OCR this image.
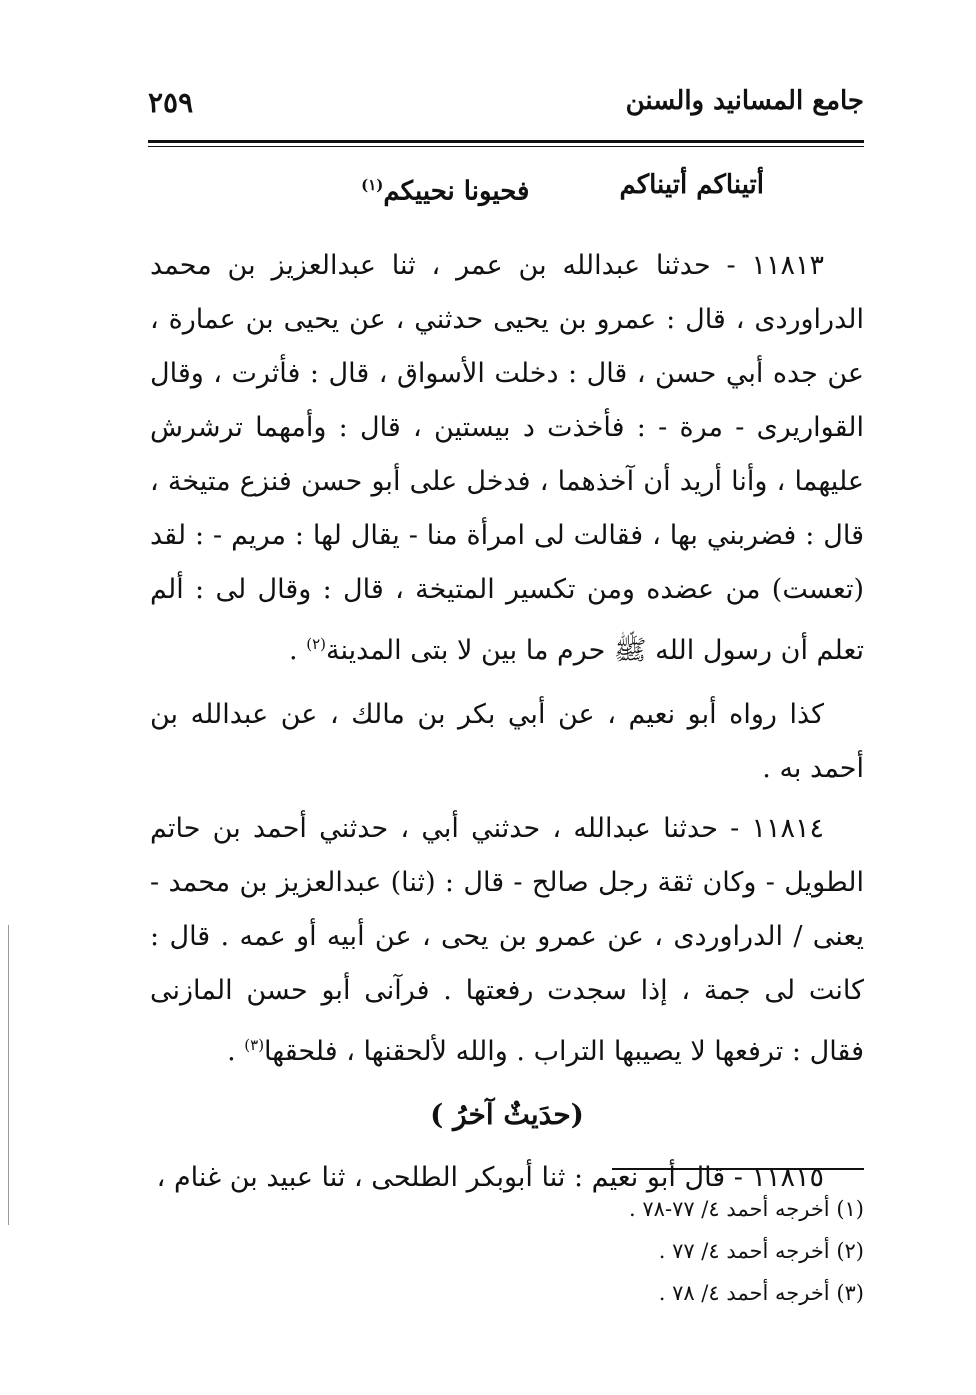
جامع المسانيد والسنن
٢٥٩
أتيناكم أتيناكم
فحيونا نحييكم$^{(١)}$

١١٨١٣ - حدثنا عبدالله بن عمر ، ثنا عبدالعزيز بن محمد الدراوردى ، قال : عمرو بن يحيى حدثني ، عن يحيى بن عمارة ، عن جده أبي حسن ، قال : دخلت الأسواق ، قال : فأثرت ، وقال القواريرى - مرة - : فأخذت د بيستين ، قال : وأمهما ترشرش عليهما ، وأنا أريد أن آخذهما ، فدخل على أبو حسن فنزع متيخة ، قال : فضربني بها ، فقالت لى امرأة منا - يقال لها : مريم - : لقد (تعست) من عضده ومن تكسير المتيخة ، قال : وقال لى : ألم تعلم أن رسول الله ﷺ حرم ما بين لا بتى المدينة$^{(٢)}$ .

كذا رواه أبو نعيم ، عن أبي بكر بن مالك ، عن عبدالله بن أحمد به .

١١٨١٤ - حدثنا عبدالله ، حدثني أبي ، حدثني أحمد بن حاتم الطويل - وكان ثقة رجل صالح - قال : (ثنا) عبدالعزيز بن محمد - يعنى / الدراوردى ، عن عمرو بن يحى ، عن أبيه أو عمه . قال : كانت لى جمة ، إذا سجدت رفعتها . فرآنى أبو حسن المازنى فقال : ترفعها لا يصيبها التراب . والله لألحقنها ، فلحقها$^{(٣)}$ .

(حدَيثٌ آخرُ )

١١٨١٥ - قال أبو نعيم : ثنا أبوبكر الطلحى ، ثنا عبيد بن غنام ،

(١) أخرجه أحمد ٤/ ٧٧-٧٨ .
(٢) أخرجه أحمد ٤/ ٧٧ .
(٣) أخرجه أحمد ٤/ ٧٨ .
